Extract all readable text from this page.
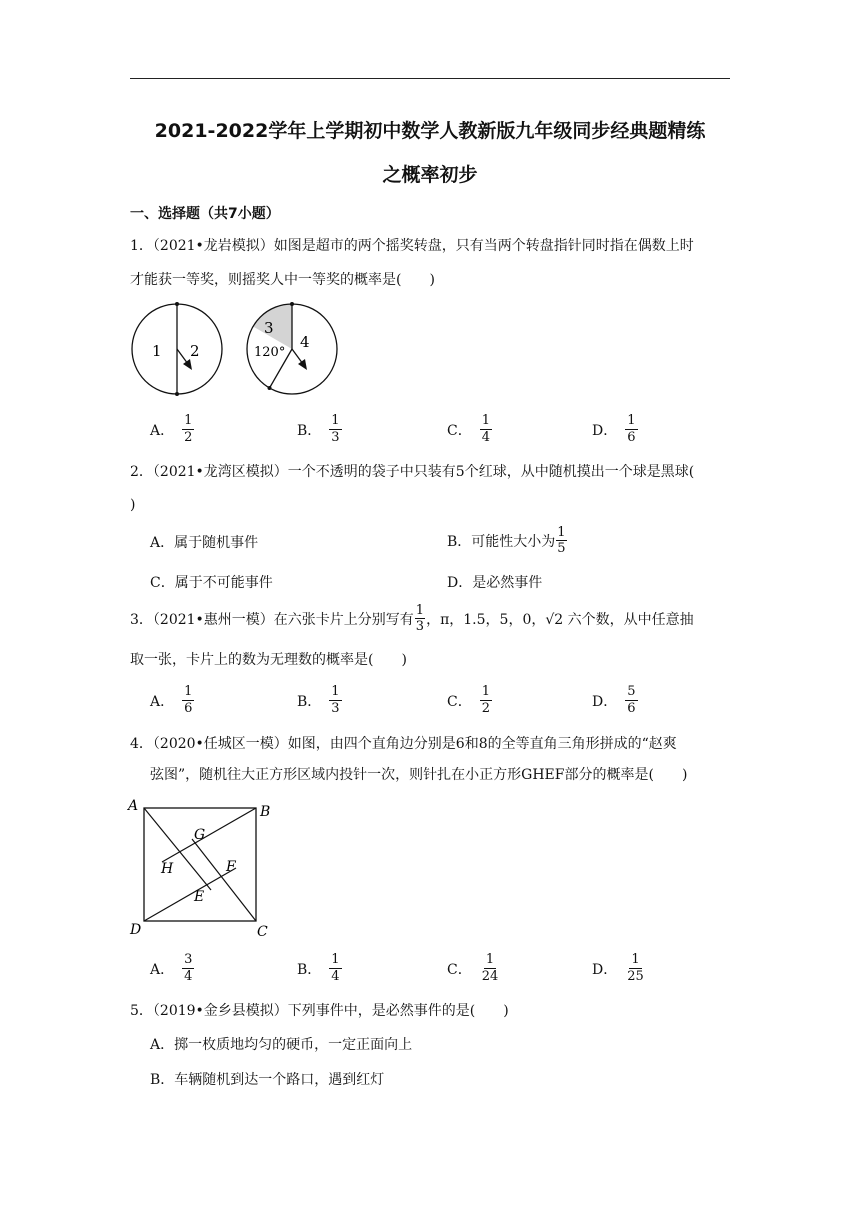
2021-2022学年上学期初中数学人教新版九年级同步经典题精练
之概率初步
一、选择题（共7小题）
1．（2021•龙岩模拟）如图是超市的两个摇奖转盘，只有当两个转盘指针同时指在偶数上时
才能获一等奖，则摇奖人中一等奖的概率是(　　)
1 2
3
120°
4
A． $\frac{1}{2}$	B． $\frac{1}{3}$	C． $\frac{1}{4}$	D． $\frac{1}{6}$
2．（2021•龙湾区模拟）一个不透明的袋子中只装有5个红球，从中随机摸出一个球是黑球(
)
A．属于随机事件	B．可能性大小为 $\frac{1}{5}$
C．属于不可能事件	D．是必然事件
3．（2021•惠州一模）在六张卡片上分别写有 $\frac{1}{3}$ ，π，1.5，5，0，√2 六个数，从中任意抽
取一张，卡片上的数为无理数的概率是(　　)
A． $\frac{1}{6}$	B． $\frac{1}{3}$	C． $\frac{1}{2}$	D． $\frac{5}{6}$
4．（2020•任城区一模）如图，由四个直角边分别是6和8的全等直角三角形拼成的“赵爽
弦图”，随机往大正方形区域内投针一次，则针扎在小正方形GHEF部分的概率是(　　)
A	B
C
D
G
H
E
F
A． $\frac{3}{4}$	B． $\frac{1}{4}$	C． $\frac{1}{24}$	D． $\frac{1}{25}$
5．（2019•金乡县模拟）下列事件中，是必然事件的是(　　)
A．掷一枚质地均匀的硬币，一定正面向上
B．车辆随机到达一个路口，遇到红灯
